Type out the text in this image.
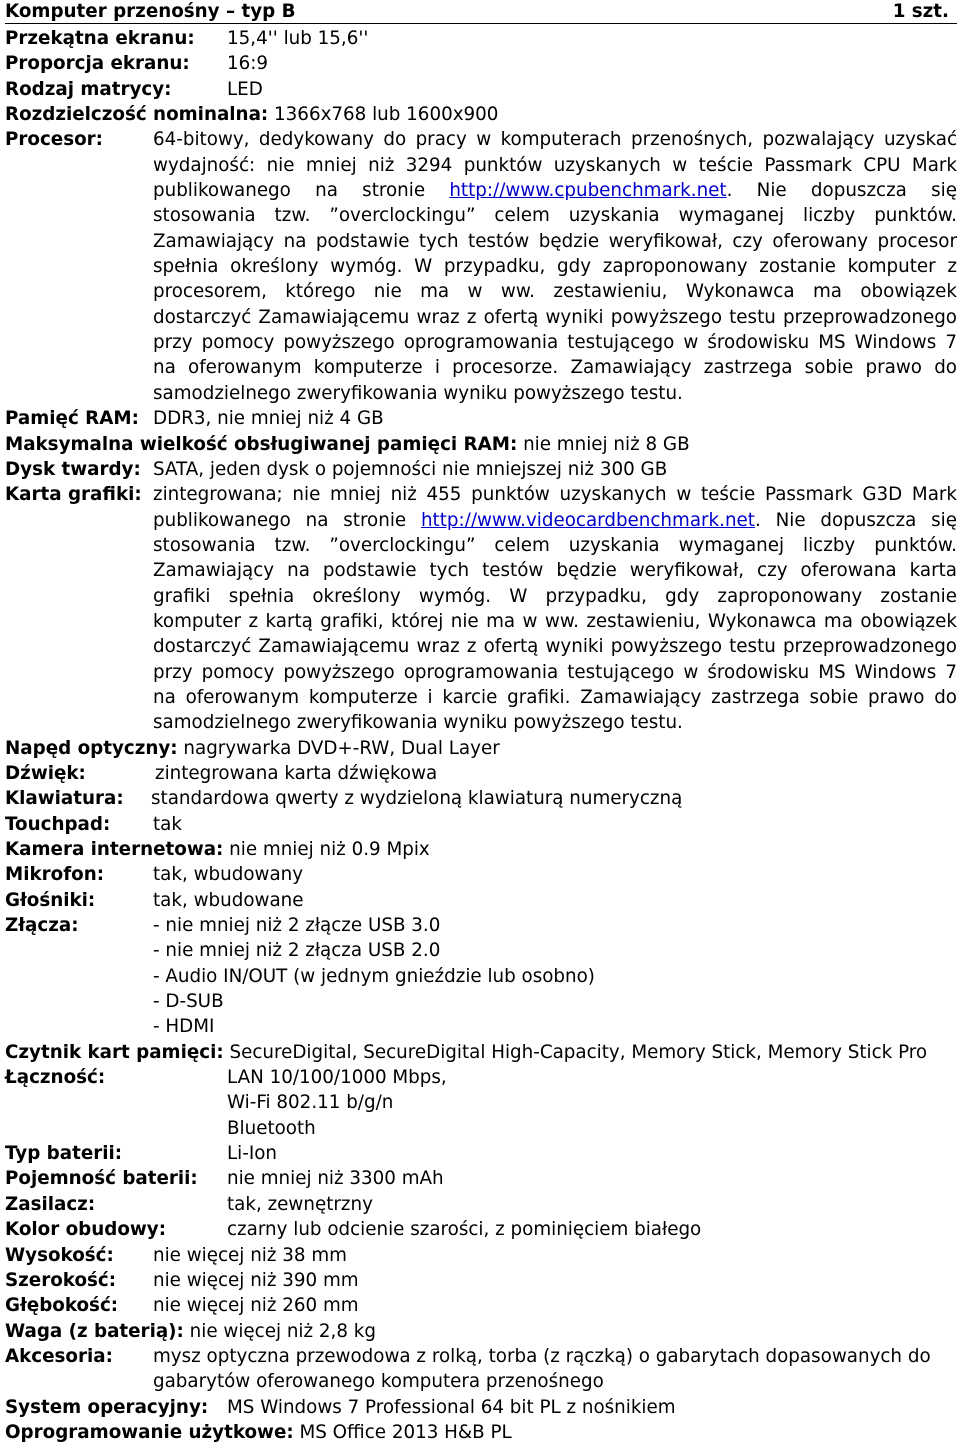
Komputer przenośny – typ B	1 szt.
Przekątna ekranu: 15,4'' lub 15,6''
Proporcja ekranu: 16:9
Rodzaj matrycy:	LED
Rozdzielczość nominalna: 1366x768 lub 1600x900
Procesor:	64-bitowy, dedykowany do pracy w komputerach przenośnych, pozwalający uzyskać
wydajność: nie mniej niż 3294 punktów uzyskanych w teście Passmark CPU Mark
publikowanego na stronie http://www.cpubenchmark.net. Nie dopuszcza się
stosowania tzw. ”overclockingu” celem uzyskania wymaganej liczby punktów.
Zamawiający na podstawie tych testów będzie weryfikował, czy oferowany procesor
spełnia określony wymóg. W przypadku, gdy zaproponowany zostanie komputer z
procesorem, którego nie ma w ww. zestawieniu, Wykonawca ma obowiązek
dostarczyć Zamawiającemu wraz z ofertą wyniki powyższego testu przeprowadzonego
przy pomocy powyższego oprogramowania testującego w środowisku MS Windows 7
na oferowanym komputerze i procesorze. Zamawiający zastrzega sobie prawo do
samodzielnego zweryfikowania wyniku powyższego testu.
Pamięć RAM: DDR3, nie mniej niż 4 GB
Maksymalna wielkość obsługiwanej pamięci RAM: nie mniej niż 8 GB
Dysk twardy: SATA, jeden dysk o pojemności nie mniejszej niż 300 GB
Karta grafiki: zintegrowana; nie mniej niż 455 punktów uzyskanych w teście Passmark G3D Mark
publikowanego na stronie http://www.videocardbenchmark.net. Nie dopuszcza się
stosowania tzw. ”overclockingu” celem uzyskania wymaganej liczby punktów.
Zamawiający na podstawie tych testów będzie weryfikował, czy oferowana karta
grafiki spełnia określony wymóg. W przypadku, gdy zaproponowany zostanie
komputer z kartą grafiki, której nie ma w ww. zestawieniu, Wykonawca ma obowiązek
dostarczyć Zamawiającemu wraz z ofertą wyniki powyższego testu przeprowadzonego
przy pomocy powyższego oprogramowania testującego w środowisku MS Windows 7
na oferowanym komputerze i karcie grafiki. Zamawiający zastrzega sobie prawo do
samodzielnego zweryfikowania wyniku powyższego testu.
Napęd optyczny: nagrywarka DVD+-RW, Dual Layer
Dźwięk:	zintegrowana karta dźwiękowa
Klawiatura: standardowa qwerty z wydzieloną klawiaturą numeryczną
Touchpad: tak
Kamera internetowa: nie mniej niż 0.9 Mpix
Mikrofon:	tak, wbudowany
Głośniki:	tak, wbudowane
Złącza:	- nie mniej niż 2 złącze USB 3.0
- nie mniej niż 2 złącza USB 2.0
- Audio IN/OUT (w jednym gnieździe lub osobno)
- D-SUB
- HDMI
Czytnik kart pamięci: SecureDigital, SecureDigital High-Capacity, Memory Stick, Memory Stick Pro
Łączność:	LAN 10/100/1000 Mbps,
Wi-Fi 802.11 b/g/n
Bluetooth
Typ baterii:	Li-Ion
Pojemność baterii: nie mniej niż 3300 mAh
Zasilacz:	tak, zewnętrzny
Kolor obudowy:	czarny lub odcienie szarości, z pominięciem białego
Wysokość: nie więcej niż 38 mm
Szerokość: nie więcej niż 390 mm
Głębokość: nie więcej niż 260 mm
Waga (z baterią): nie więcej niż 2,8 kg
Akcesoria: mysz optyczna przewodowa z rolką, torba (z rączką) o gabarytach dopasowanych do
gabarytów oferowanego komputera przenośnego
System operacyjny: MS Windows 7 Professional 64 bit PL z nośnikiem
Oprogramowanie użytkowe: MS Office 2013 H&B PL
